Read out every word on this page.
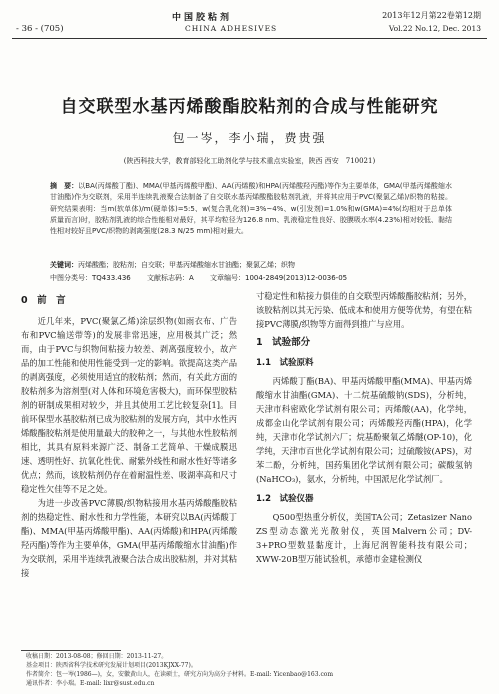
- 36 - (705)
中国胶粘剂
CHINA ADHESIVES
2013年12月第22卷第12期
Vol.22 No.12, Dec. 2013
自交联型水基丙烯酸酯胶粘剂的合成与性能研究
包一岑，李小瑞，费贵强
(陕西科技大学，教育部轻化工助剂化学与技术重点实验室，陕西 西安　710021)
摘　要：以BA(丙烯酸丁酯)、MMA(甲基丙烯酸甲酯)、AA(丙烯酸)和HPA(丙烯酸羟丙酯)等作为主要单体，GMA(甲基丙烯酸缩水甘油酯)作为交联剂，采用半连续乳液聚合法制备了自交联水基丙烯酸酯胶粘剂乳液，并将其应用于PVC(聚氯乙烯)/织物的粘接。研究结果表明：当m(软单体)/m(硬单体)=5:5、w(复合乳化剂)=3%~4%、w(引发剂)=1.0%和w(GMA)=4%(均相对于总单体质量而言)时，胶粘剂乳液的综合性能相对最好，其平均粒径为126.8 nm、乳液稳定性良好、胶膜吸水率(4.23%)相对较低、黏结性相对较好且PVC/织物的剥离强度(28.3 N/25 mm)相对最大。
关键词：丙烯酸酯；胶粘剂；自交联；甲基丙烯酸缩水甘油酯；聚氯乙烯；织物
中图分类号：TQ433.436 文献标志码：A 文章编号：1004-2849(2013)12-0036-05
0　前　言

近几年来，PVC(聚氯乙烯)涂层织物(如雨衣布、广告布和PVC输送带等)的发展非常迅速，应用极其广泛；然而，由于PVC与织物间粘接力较差、剥离强度较小，故产品的加工性能和使用性能受到一定的影响。欲提高这类产品的剥离强度，必须使用适宜的胶粘剂；然而，有关此方面的胶粘剂多为溶剂型(对人体和环境危害极大)，而环保型胶粘剂的研制成果相对较少，并且其使用工艺比较复杂[1]。目前环保型水基胶粘剂已成为胶粘剂的发展方向，其中水性丙烯酸酯胶粘剂是使用量最大的胶种之一，与其他水性胶粘剂相比，其具有原料来源广泛、制备工艺简单、干燥成膜迅速、透明性好、抗氧化性优、耐紫外线性和耐水性好等诸多优点；然而，该胶粘剂仍存在着耐温性差、吸湖率高和尺寸稳定性欠佳等不足之处。

为进一步改善PVC薄膜/织物粘接用水基丙烯酸酯胶粘剂的热稳定性、耐水性和力学性能，本研究以BA(丙烯酸丁酯)、MMA(甲基丙烯酸甲酯)、AA(丙烯酸)和HPA(丙烯酸羟丙酯)等作为主要单体，GMA(甲基丙烯酸缩水甘油酯)作为交联剂，采用半连续乳液聚合法合成出胶粘剂，并对其粘接

寸稳定性和粘接力俱佳的自交联型丙烯酸酯胶粘剂；另外，该胶粘剂以其无污染、低成本和使用方便等优势，有望在粘接PVC薄膜/织物等方面得到推广与应用。

1　试验部分
1.1　试验原料

丙烯酸丁酯(BA)、甲基丙烯酸甲酯(MMA)、甲基丙烯酸缩水甘油酯(GMA)、十二烷基硫酸钠(SDS)，分析纯，天津市科密欧化学试剂有限公司；丙烯酸(AA)，化学纯，成都金山化学试剂有限公司；丙烯酸羟丙酯(HPA)，化学纯，天津市化学试剂六厂；烷基酚聚氧乙烯醚(OP-10)，化学纯，天津市百世化学试剂有限公司；过硫酸铵(APS)，对苯二酚，分析纯，国药集团化学试剂有限公司；碳酸氢钠(NaHCO₃)，氨水，分析纯，中国派尼化学试剂厂。

1.2　试验仪器

Q500型热重分析仪，美国TA公司；Zetasizer Nano ZS型动态激光光散射仪，英国Malvern公司；DV-3+PRO型数显黏度计，上海尼润智能科技有限公司；XWW-20B型万能试验机，承德市金建检测仪

收稿日期：2013-08-08；修回日期：2013-11-27。
基金项目：陕西省科学技术研究发展计划项目(2013KJXX-77)。
作者简介：包一岑(1986—)，女，安徽黄山人，在读硕士，研究方向为高分子材料。E-mail: Yicenbao@163.com
通讯作者：李小瑞。E-mail: lixr@sust.edu.cn
